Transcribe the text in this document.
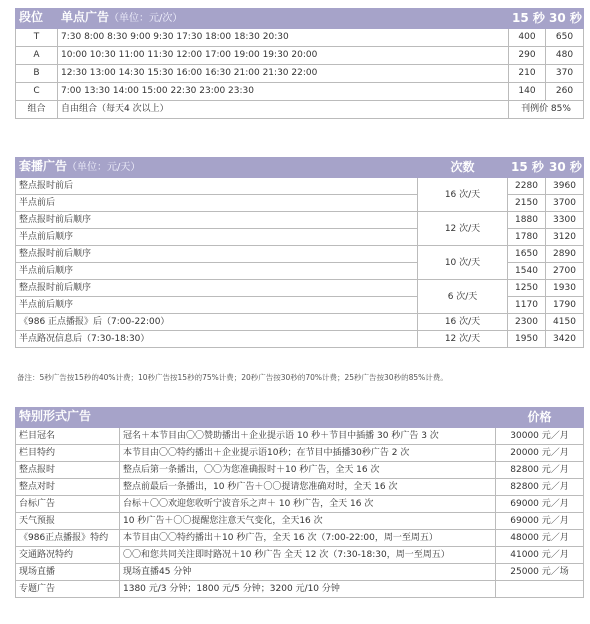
段位	单点广告（单位：元/次）	15 秒	30 秒
T	7:30 8:00 8:30 9:00 9:30 17:30 18:00 18:30 20:30	400	650
A	10:00 10:30 11:00 11:30 12:00 17:00 19:00 19:30 20:00	290	480
B	12:30 13:00 14:30 15:30 16:00 16:30 21:00 21:30 22:00	210	370
C	7:00 13:30 14:00 15:00 22:30 23:00 23:30	140	260
组合	自由组合（每天4 次以上）	刊例价 85%	
套播广告（单位：元/天）	次数	15 秒	30 秒
整点报时前后	16 次/天	2280	3960
半点前后		2150	3700
整点报时前后顺序	12 次/天	1880	3300
半点前后顺序		1780	3120
整点报时前后顺序	10 次/天	1650	2890
半点前后顺序		1540	2700
整点报时前后顺序	6 次/天	1250	1930
半点前后顺序		1170	1790
《986 正点播报》后（7:00-22:00）	16 次/天	2300	4150
半点路况信息后（7:30-18:30）	12 次/天	1950	3420
备注：5秒广告按15秒的40%计费；10秒广告按15秒的75%计费；20秒广告按30秒的70%计费；25秒广告按30秒的85%计费。
特别形式广告		价格
栏目冠名	冠名＋本节目由〇〇赞助播出＋企业提示语 10 秒＋节目中插播 30 秒广告 3 次	30000 元／月
栏目特约	本节目由〇〇特约播出＋企业提示语10秒；在节目中插播30秒广告 2 次	20000 元／月
整点报时	整点后第一条播出，〇〇为您准确报时＋10 秒广告，全天 16 次	82800 元／月
整点对时	整点前最后一条播出，10 秒广告＋〇〇提请您准确对时，全天 16 次	82800 元／月
台标广告	台标＋〇〇欢迎您收听宁波音乐之声＋ 10 秒广告，全天 16 次	69000 元／月
天气预报	10 秒广告＋〇〇提醒您注意天气变化，全天16 次	69000 元／月
《986正点播报》特约	本节目由〇〇特约播出＋10 秒广告，全天 16 次（7:00-22:00，周一至周五）	48000 元／月
交通路况特约	〇〇和您共同关注即时路况＋10 秒广告 全天 12 次（7:30-18:30，周一至周五）	41000 元／月
现场直播	现场直播45 分钟	25000 元／场
专题广告	1380 元/3 分钟；1800 元/5 分钟；3200 元/10 分钟	
